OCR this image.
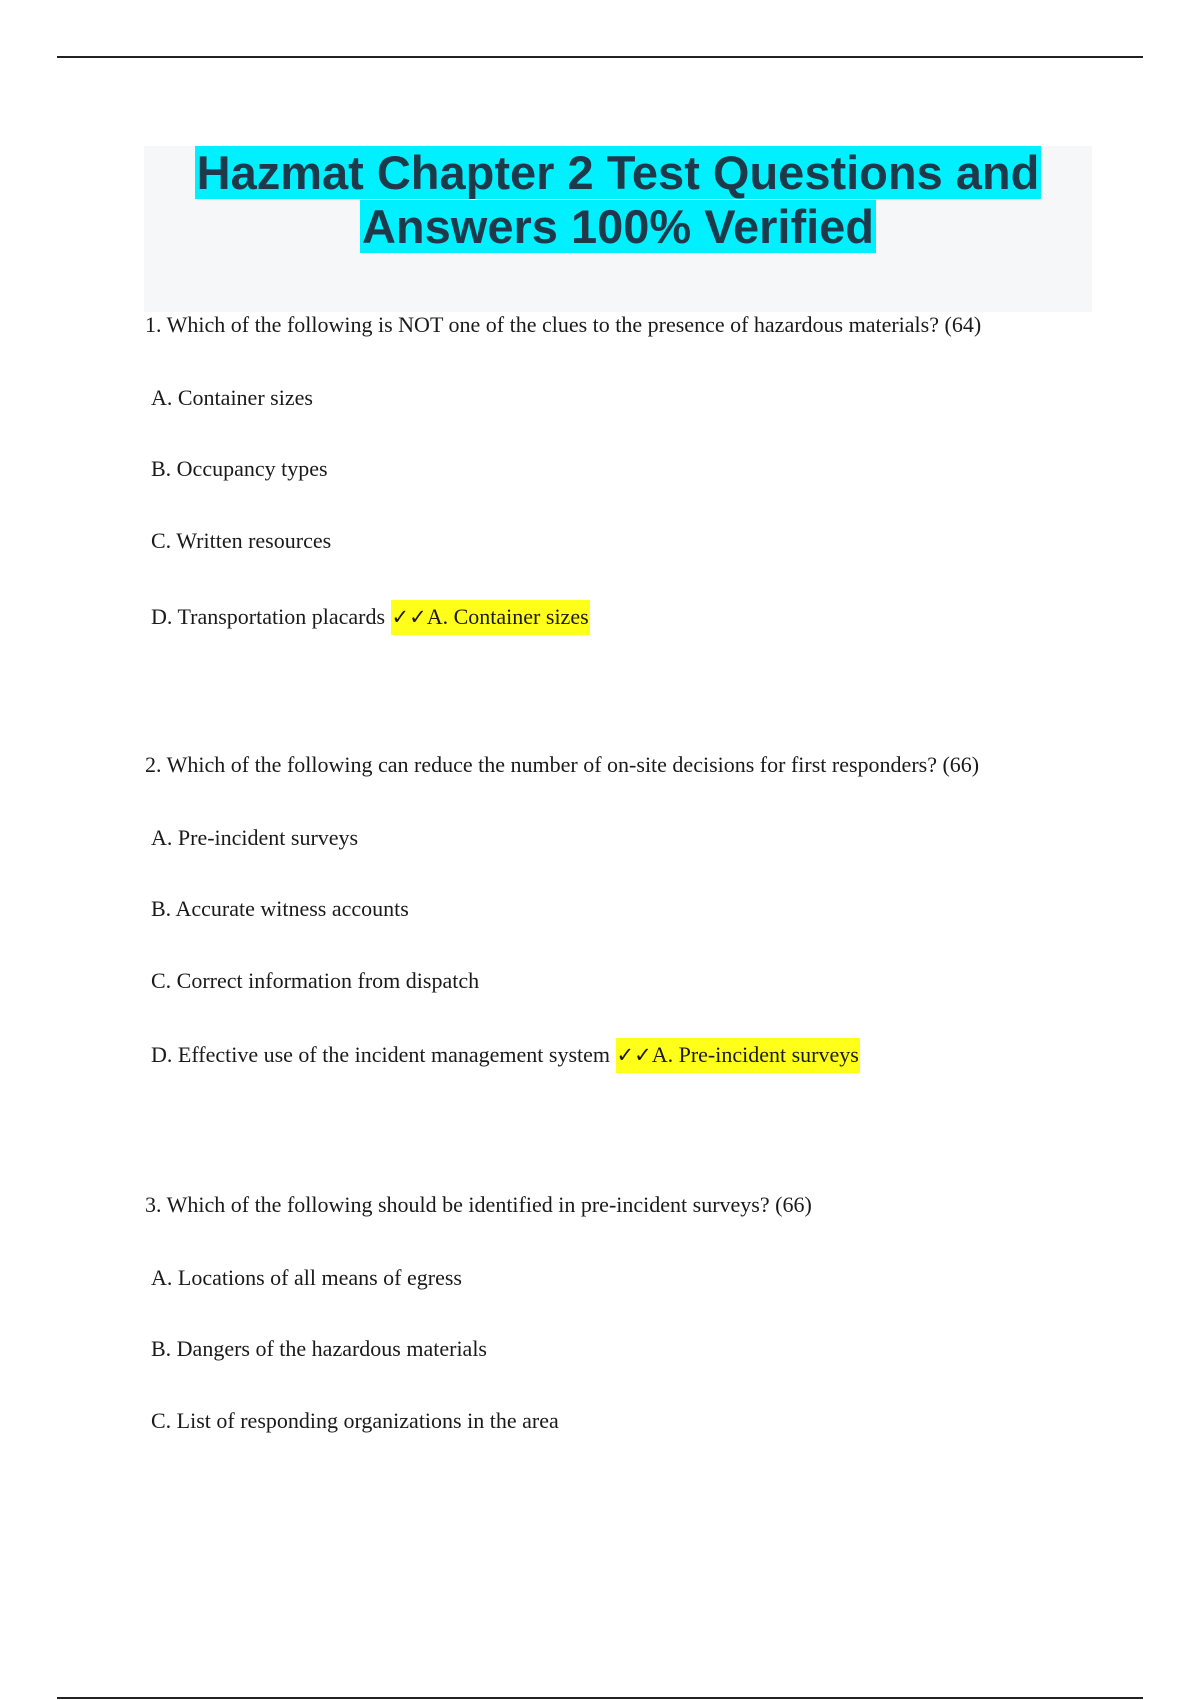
Hazmat Chapter 2 Test Questions and
Answers 100% Verified

1. Which of the following is NOT one of the clues to the presence of hazardous materials? (64)

A. Container sizes

B. Occupancy types

C. Written resources

D. Transportation placards ✓✓A. Container sizes

2. Which of the following can reduce the number of on-site decisions for first responders? (66)

A. Pre-incident surveys

B. Accurate witness accounts

C. Correct information from dispatch

D. Effective use of the incident management system ✓✓A. Pre-incident surveys

3. Which of the following should be identified in pre-incident surveys? (66)

A. Locations of all means of egress

B. Dangers of the hazardous materials

C. List of responding organizations in the area
